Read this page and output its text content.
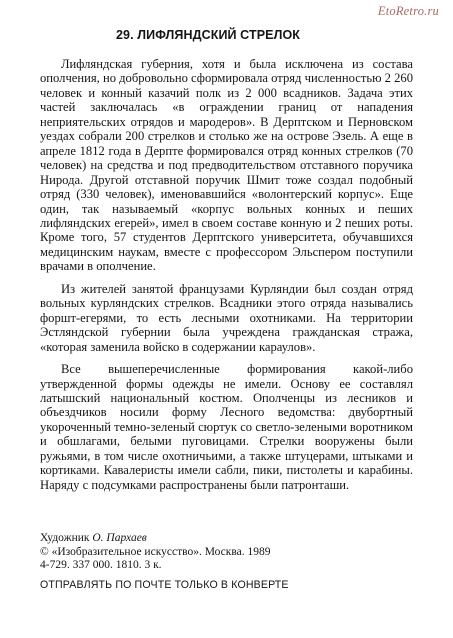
EtoRetro.ru
29. ЛИФЛЯНДСКИЙ СТРЕЛОК

Лифляндская губерния, хотя и была исключена из состава ополчения, но добровольно сформировала отряд численностью 2 260 человек и конный казачий полк из 2 000 всадников. Задача этих частей заключалась «в ограждении границ от нападения неприятельских отрядов и мародеров». В Дерптском и Перновском уездах собрали 200 стрелков и столько же на острове Эзель. А еще в апреле 1812 года в Дерпте формировался отряд конных стрелков (70 человек) на средства и под предводительством отставного поручика Нирода. Другой отставной поручик Шмит тоже создал подобный отряд (330 человек), именовавшийся «волонтерский корпус». Еще один, так называемый «корпус вольных конных и пеших лифляндских егерей», имел в своем составе конную и 2 пеших роты. Кроме того, 57 студентов Дерптского университета, обучавшихся медицинским наукам, вместе с профессором Эльспером поступили врачами в ополчение.

Из жителей занятой французами Курляндии был создан отряд вольных курляндских стрелков. Всадники этого отряда назывались форшт-егерями, то есть лесными охотниками. На территории Эстляндской губернии была учреждена гражданская стража, «которая заменила войско в содержании караулов».

Все вышеперечисленные формирования какой-либо утвержденной формы одежды не имели. Основу ее составлял латышский национальный костюм. Ополченцы из лесников и объездчиков носили форму Лесного ведомства: двубортный укороченный темно-зеленый сюртук со светло-зелеными воротником и обшлагами, белыми пуговицами. Стрелки вооружены были ружьями, в том числе охотничьими, а также штуцерами, штыками и кортиками. Кавалеристы имели сабли, пики, пистолеты и карабины. Наряду с подсумками распространены были патронташи.

Художник О. Пархаев
© «Изобразительное искусство». Москва. 1989
4-729. 337 000. 1810. 3 к.
ОТПРАВЛЯТЬ ПО ПОЧТЕ ТОЛЬКО В КОНВЕРТЕ
